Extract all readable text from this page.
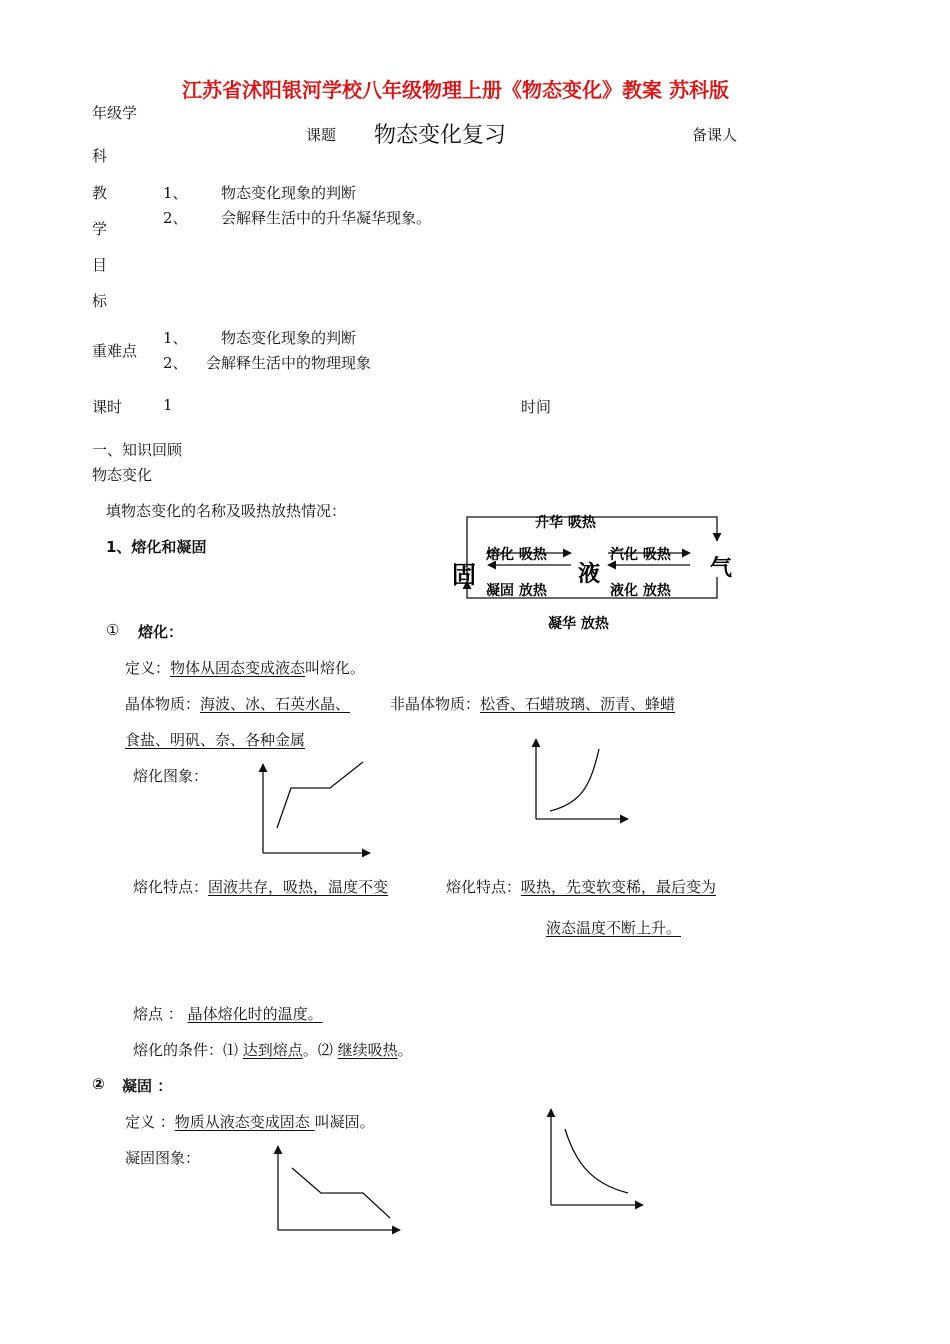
江苏省沭阳银河学校八年级物理上册《物态变化》教案 苏科版
年级学
科
课题 物态变化复习	备课人
教
学
目
标
1、 物态变化现象的判断
2、 会解释生活中的升华凝华现象。
重难点
1、 物态变化现象的判断
2、 会解释生活中的物理现象
课时	1	时间
一、知识回顾
物态变化
填物态变化的名称及吸热放热情况：
1、熔化和凝固
升华 吸热
熔化 吸热
凝固 放热
汽化 吸热
液化 放热
凝华 放热
固	液	气
① 熔化：
定义：物体从固态变成液态叫熔化。
晶体物质：海波、冰、石英水晶、	非晶体物质：松香、石蜡玻璃、沥青、蜂蜡
食盐、明矾、奈、各种金属
熔化图象：
熔化特点：固液共存，吸热，温度不变	熔化特点：吸热，先变软变稀，最后变为
液态温度不断上升。
熔点 ： 晶体熔化时的温度。
熔化的条件：⑴ 达到熔点。⑵ 继续吸热。
② 凝固 ：
定义 ：物质从液态变成固态 叫凝固。
凝固图象：
